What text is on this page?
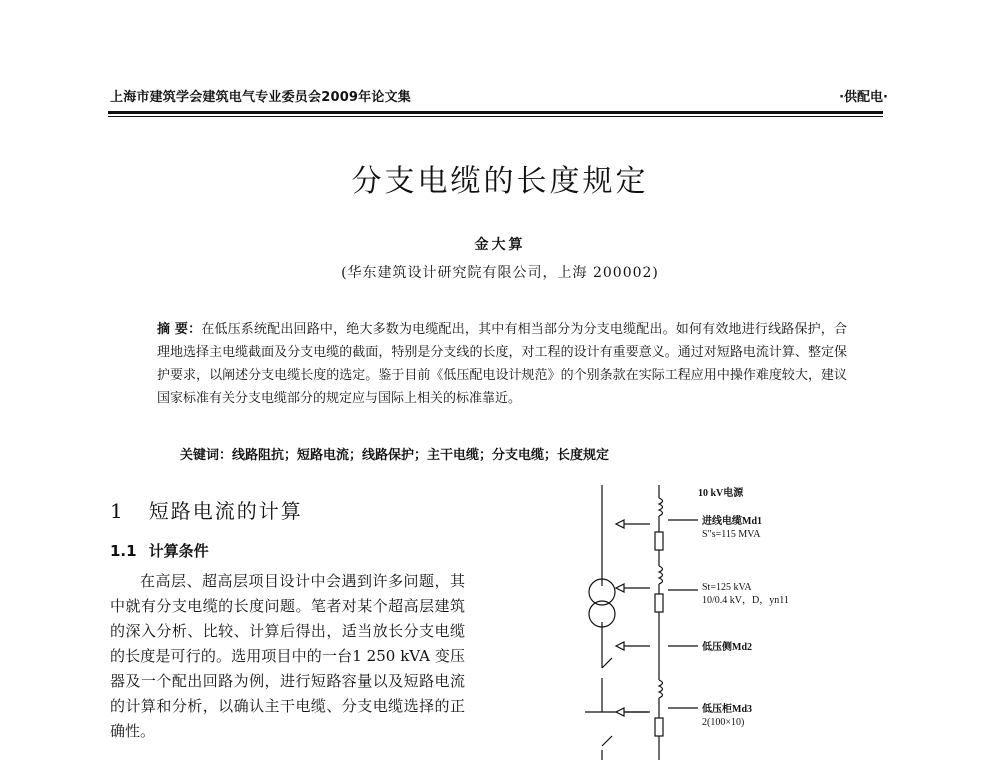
上海市建筑学会建筑电气专业委员会2009年论文集	·供配电·
分支电缆的长度规定
金大算
(华东建筑设计研究院有限公司，上海 200002)

摘 要：在低压系统配出回路中，绝大多数为电缆配出，其中有相当部分为分支电缆配出。如何有效地进行线路保护，合理地选择主电缆截面及分支电缆的截面，特别是分支线的长度，对工程的设计有重要意义。通过对短路电流计算、整定保护要求，以阐述分支电缆长度的选定。鉴于目前《低压配电设计规范》的个别条款在实际工程应用中操作难度较大，建议国家标准有关分支电缆部分的规定应与国际上相关的标准靠近。

关键词：线路阻抗；短路电流；线路保护；主干电缆；分支电缆；长度规定
1 短路电流的计算
1.1 计算条件

在高层、超高层项目设计中会遇到许多问题，其中就有分支电缆的长度问题。笔者对某个超高层建筑的深入分析、比较、计算后得出，适当放长分支电缆的长度是可行的。选用项目中的一台1 250 kVA 变压器及一个配出回路为例，进行短路容量以及短路电流的计算和分析，以确认主干电缆、分支电缆选择的正确性。

10 kV电源
进线电缆Md1
S″s=115 MVA
St=125 kVA
10/0.4 kV，D，yn11
低压侧Md2
低压柜Md3
2(100×10)
